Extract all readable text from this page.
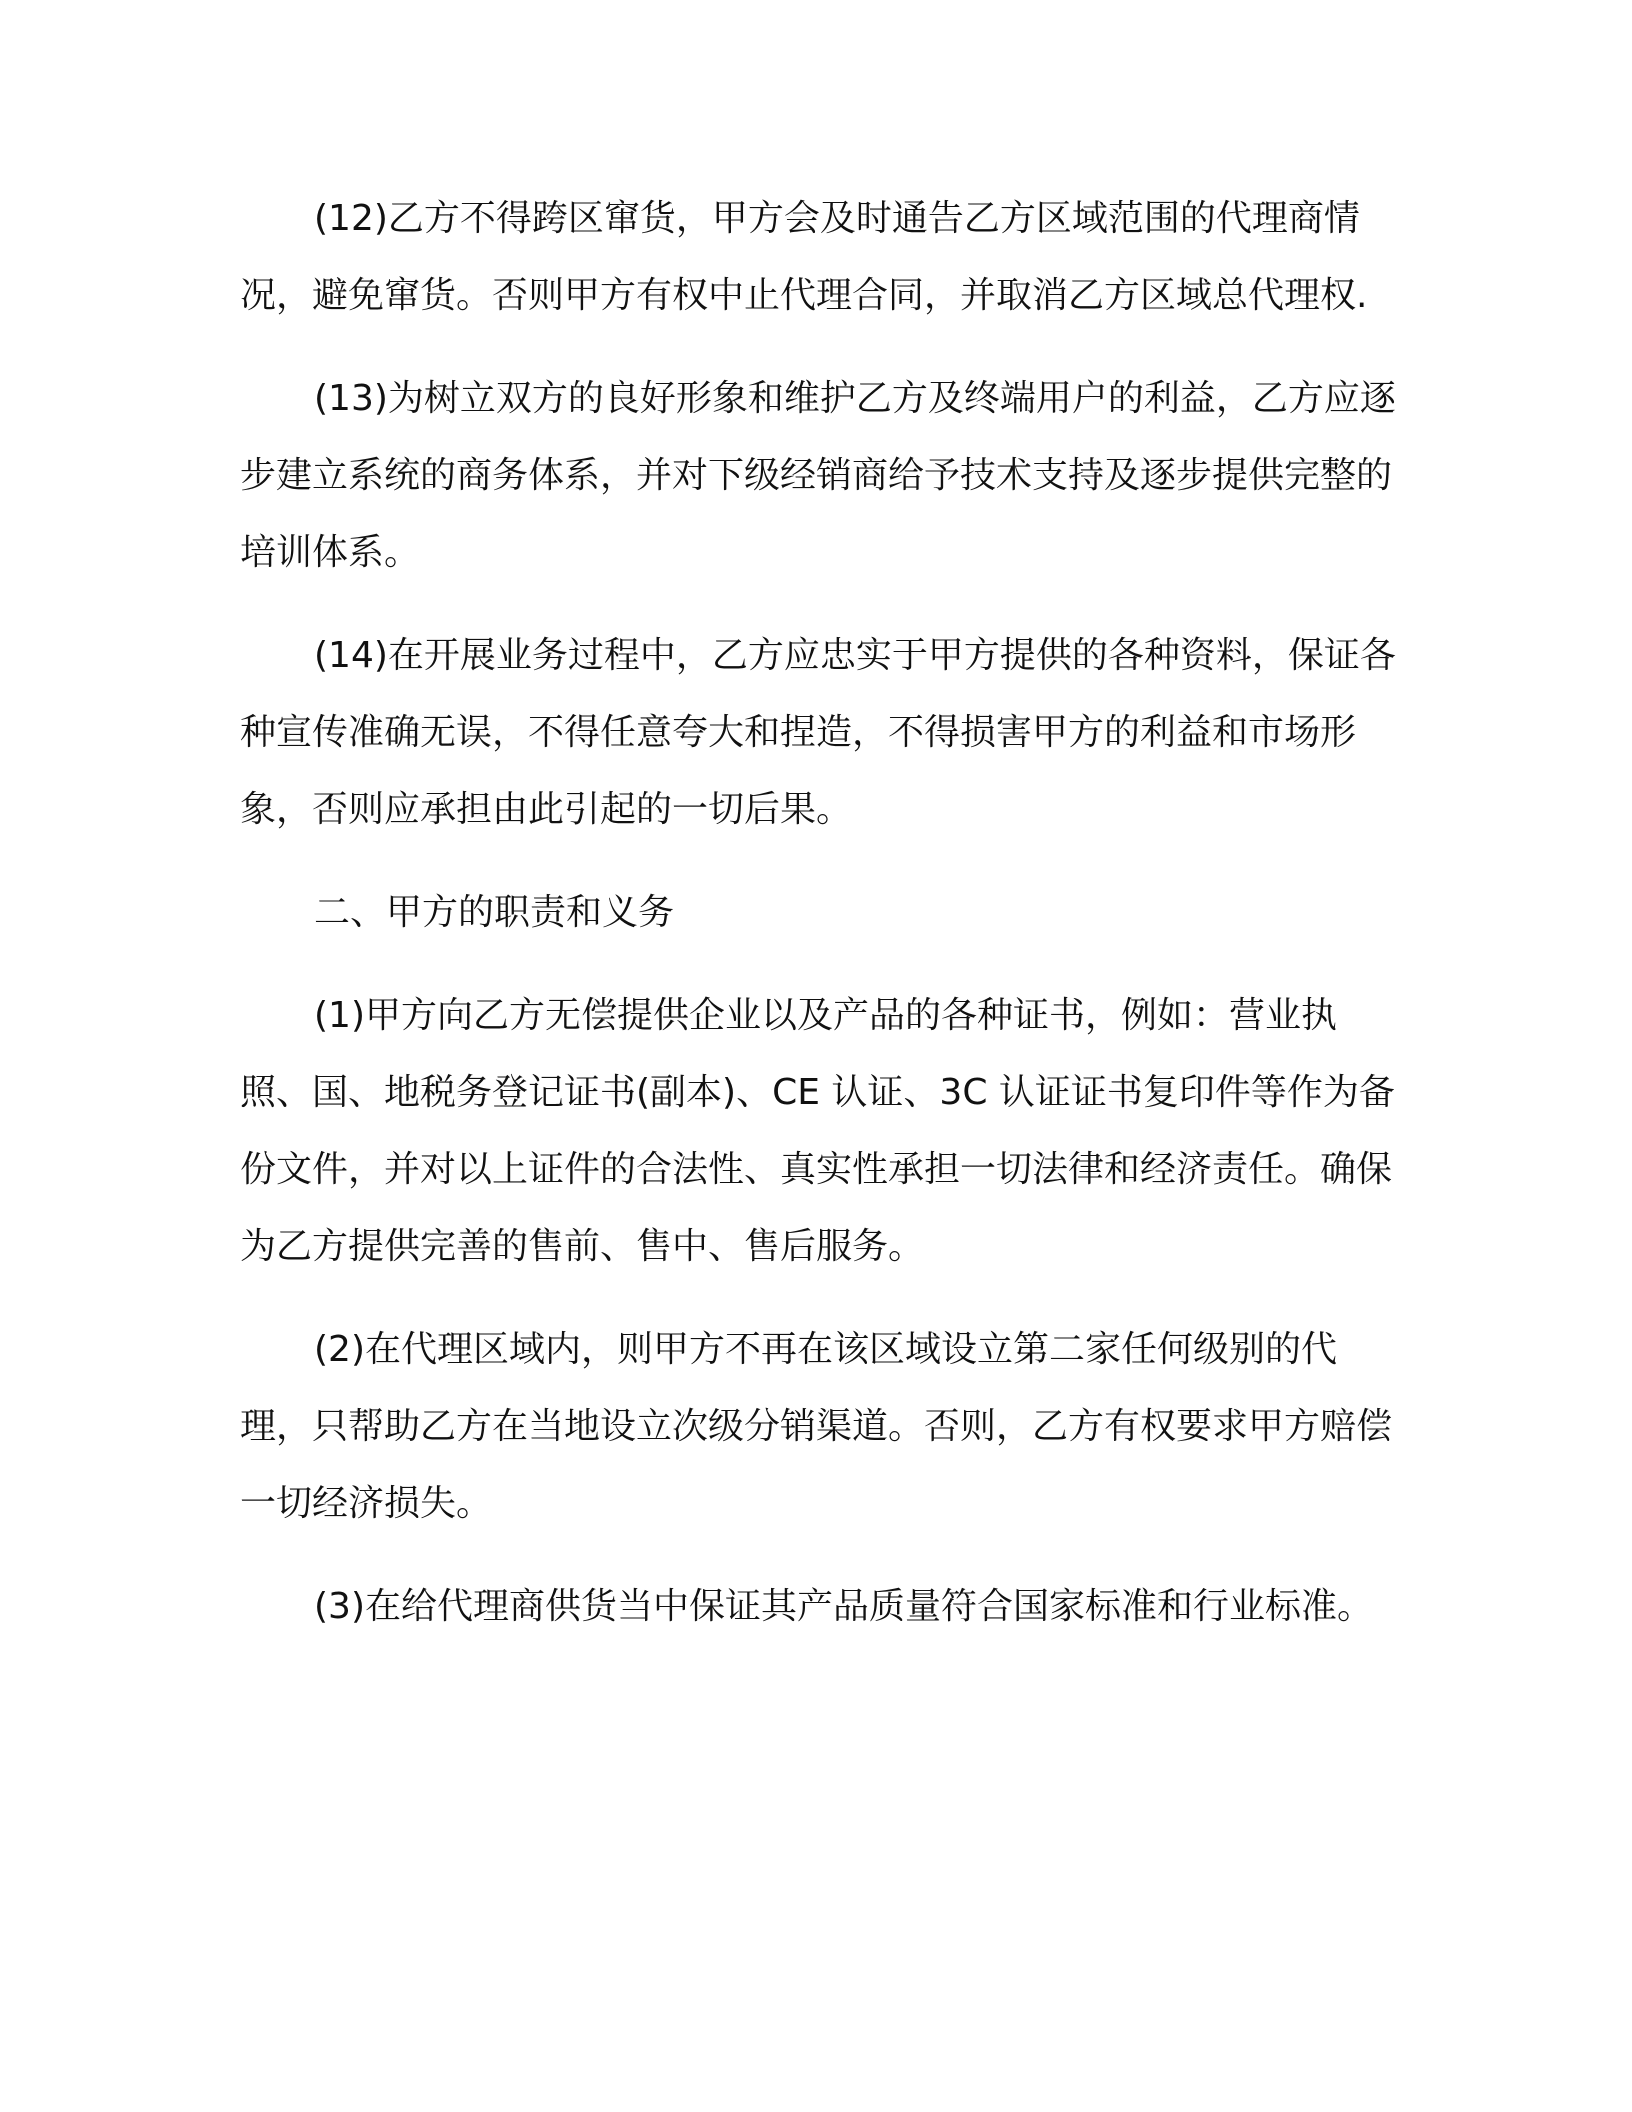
(12)乙方不得跨区窜货，甲方会及时通告乙方区域范围的代理商情况，避免窜货。否则甲方有权中止代理合同，并取消乙方区域总代理权.

(13)为树立双方的良好形象和维护乙方及终端用户的利益，乙方应逐步建立系统的商务体系，并对下级经销商给予技术支持及逐步提供完整的培训体系。

(14)在开展业务过程中，乙方应忠实于甲方提供的各种资料，保证各种宣传准确无误，不得任意夸大和捏造，不得损害甲方的利益和市场形象，否则应承担由此引起的一切后果。

二、甲方的职责和义务

(1)甲方向乙方无偿提供企业以及产品的各种证书，例如：营业执照、国、地税务登记证书(副本)、CE 认证、3C 认证证书复印件等作为备份文件，并对以上证件的合法性、真实性承担一切法律和经济责任。确保为乙方提供完善的售前、售中、售后服务。

(2)在代理区域内，则甲方不再在该区域设立第二家任何级别的代理，只帮助乙方在当地设立次级分销渠道。否则，乙方有权要求甲方赔偿一切经济损失。

(3)在给代理商供货当中保证其产品质量符合国家标准和行业标准。
